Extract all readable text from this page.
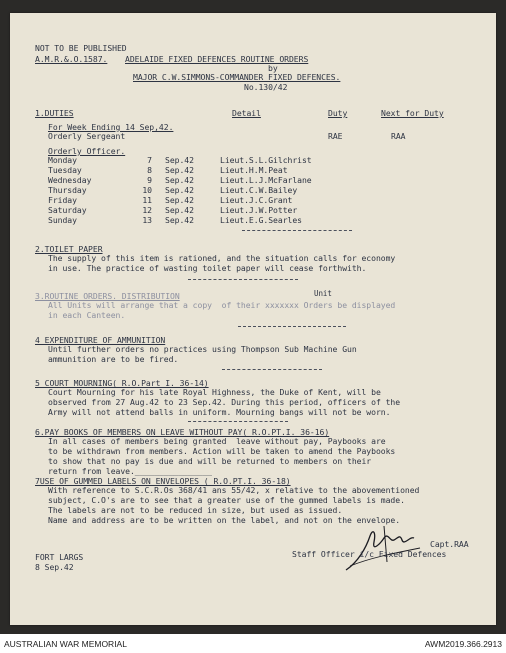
NOT TO BE PUBLISHED
A.M.R.&.O.1587. ADELAIDE FIXED DEFENCES ROUTINE ORDERS
by
MAJOR C.W.SIMMONS-COMMANDER FIXED DEFENCES.
No.130/42
1.DUTIES	Detail	Duty	Next for Duty
For Week Ending 14 Sep,42.
Orderly Sergeant	RAE	RAA
Orderly Officer.
Monday	7 Sep.42	Lieut.S.L.Gilchrist
Tuesday	8 Sep.42	Lieut.H.M.Peat
Wednesday	9 Sep.42	Lieut.L.J.McFarlane
Thursday	10 Sep.42	Lieut.C.W.Bailey
Friday	11 Sep.42	Lieut.J.C.Grant
Saturday	12 Sep.42	Lieut.J.W.Potter
Sunday	13 Sep.42	Lieut.E.G.Searles
2.TOILET PAPER
The supply of this item is rationed, and the situation calls for economy
in use. The practice of wasting toilet paper will cease forthwith.
Unit
3.ROUTINE ORDERS. DISTRIBUTION
All Units will arrange that a copy  of their xxxxxxx Orders be displayed
in each Canteen.
4 EXPENDITURE OF AMMUNITION
Until further orders no practices using Thompson Sub Machine Gun
ammunition are to be fired.
5 COURT MOURNING( R.O.Part I. 36-14)
Court Mourning for his late Royal Highness, the Duke of Kent, will be
observed from 27 Aug.42 to 23 Sep.42. During this period, officers of the
Army will not attend balls in uniform. Mourning bangs will not be worn.
6.PAY BOOKS OF MEMBERS ON LEAVE WITHOUT PAY( R.O.PT.I. 36-16)
In all cases of members being granted  leave without pay, Paybooks are
to be withdrawn from members. Action will be taken to amend the Paybooks
to show that no pay is due and will be returned to members on their
return from leave.________________
7USE OF GUMMED LABELS ON ENVELOPES ( R.O.PT.I. 36-18)
With reference to S.C.R.Os 368/41 ans 55/42, x relative to the abovementioned
subject, C.O's are to see that a greater use of the gummed labels is made.
The labels are not to be reduced in size, but used as issued.
Name and address are to be written on the label, and not on the envelope.
FORT LARGS
8 Sep.42
Capt.RAA
Staff Officer i/c Fixed Defences
AUSTRALIAN WAR MEMORIAL	AWM2019.366.2913
